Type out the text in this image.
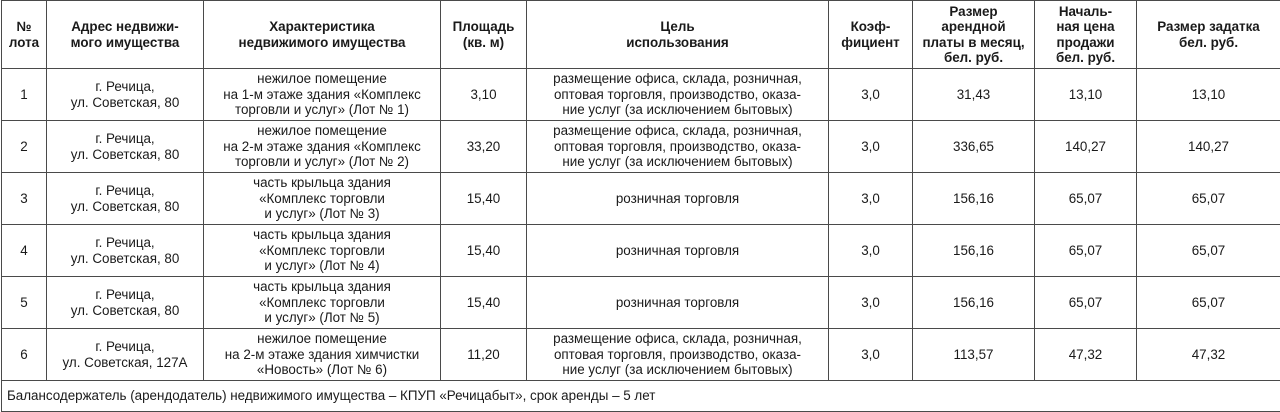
№
лота	Адрес недвижи-
мого имущества	Характеристика
недвижимого имущества	Площадь
(кв. м)	Цель
использования	Коэф-
фициент	Размер
арендной
платы в месяц,
бел. руб.	Началь-
ная цена
продажи
бел. руб.	Размер задатка
бел. руб.

1	г. Речица,
ул. Советская, 80	нежилое помещение
на 1-м этаже здания «Комплекс
торговли и услуг» (Лот № 1)	3,10	размещение офиса, склада, розничная,
оптовая торговля, производство, оказа-
ние услуг (за исключением бытовых)	3,0	31,43	13,10	13,10

2	г. Речица,
ул. Советская, 80	нежилое помещение
на 2-м этаже здания «Комплекс
торговли и услуг» (Лот № 2)	33,20	размещение офиса, склада, розничная,
оптовая торговля, производство, оказа-
ние услуг (за исключением бытовых)	3,0	336,65	140,27	140,27

3	г. Речица,
ул. Советская, 80	часть крыльца здания
«Комплекс торговли
и услуг» (Лот № 3)	15,40	розничная торговля	3,0	156,16	65,07	65,07

4	г. Речица,
ул. Советская, 80	часть крыльца здания
«Комплекс торговли
и услуг» (Лот № 4)	15,40	розничная торговля	3,0	156,16	65,07	65,07

5	г. Речица,
ул. Советская, 80	часть крыльца здания
«Комплекс торговли
и услуг» (Лот № 5)	15,40	розничная торговля	3,0	156,16	65,07	65,07

6	г. Речица,
ул. Советская, 127А	нежилое помещение
на 2-м этаже здания химчистки
«Новость» (Лот № 6)	11,20	размещение офиса, склада, розничная,
оптовая торговля, производство, оказа-
ние услуг (за исключением бытовых)	3,0	113,57	47,32	47,32

Балансодержатель (арендодатель) недвижимого имущества – КПУП «Речицабыт», срок аренды – 5 лет								
